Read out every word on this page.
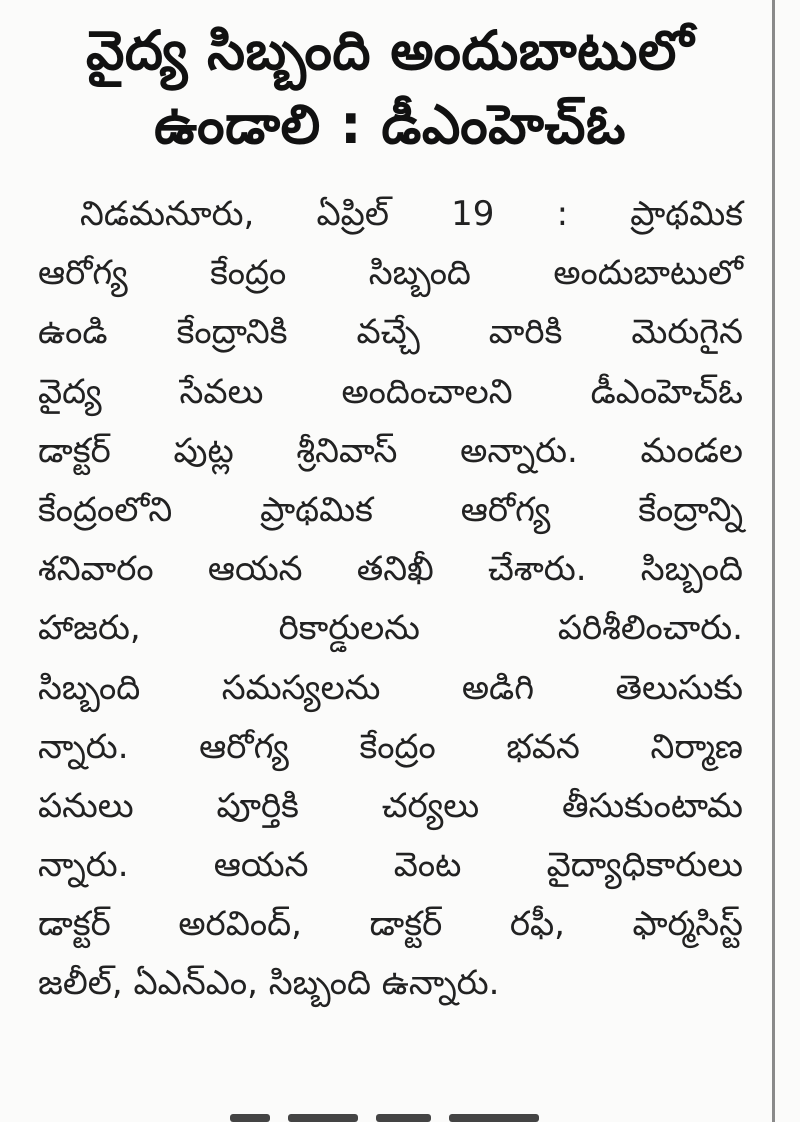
వైద్య సిబ్బంది అందుబాటులో
ఉండాలి : డీఎంహెచ్ఓ
నిడమనూరు, ఏప్రిల్ 19 : ప్రాథమిక
ఆరోగ్య కేంద్రం సిబ్బంది అందుబాటులో
ఉండి కేంద్రానికి వచ్చే వారికి మెరుగైన
వైద్య సేవలు అందించాలని డీఎంహెచ్ఓ
డాక్టర్ పుట్ల శ్రీనివాస్ అన్నారు. మండల
కేంద్రంలోని ప్రాథమిక ఆరోగ్య కేంద్రాన్ని
శనివారం ఆయన తనిఖీ చేశారు. సిబ్బంది
హాజరు, రికార్డులను పరిశీలించారు.
సిబ్బంది సమస్యలను అడిగి తెలుసుకు
న్నారు. ఆరోగ్య కేంద్రం భవన నిర్మాణ
పనులు పూర్తికి చర్యలు తీసుకుంటామ
న్నారు. ఆయన వెంట వైద్యాధికారులు
డాక్టర్ అరవింద్, డాక్టర్ రఫీ, ఫార్మసిస్ట్
జలీల్, ఏఎన్ఎం, సిబ్బంది ఉన్నారు.
